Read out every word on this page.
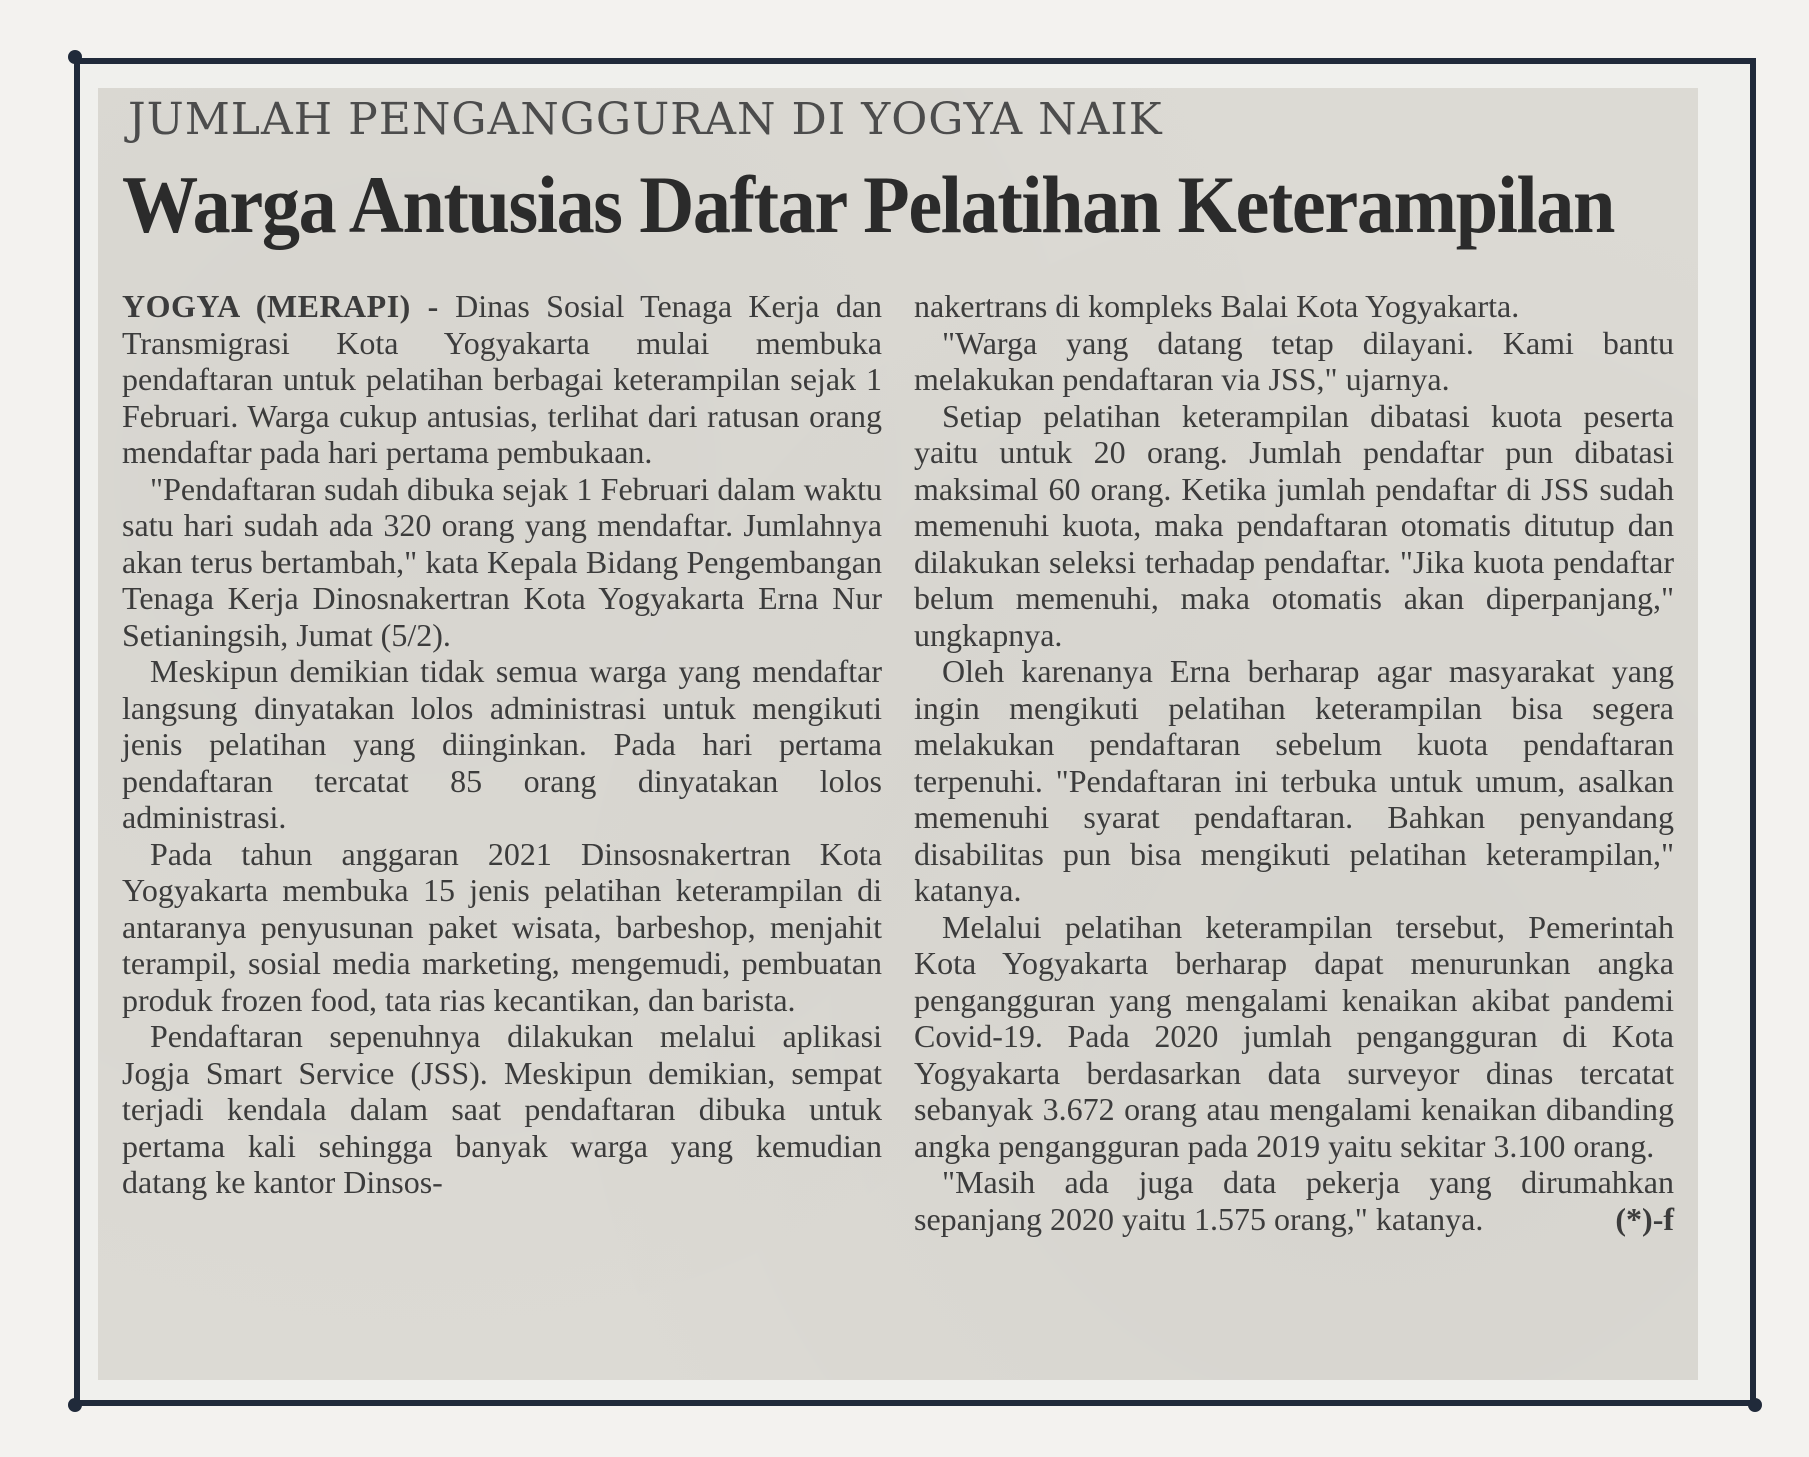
JUMLAH PENGANGGURAN DI YOGYA NAIK
Warga Antusias Daftar Pelatihan Keterampilan

YOGYA (MERAPI) - Dinas Sosial Tenaga Kerja dan Transmigrasi Kota Yogyakarta mulai membuka pendaftaran untuk pelatihan berbagai keterampilan sejak 1 Februari. Warga cukup antusias, terlihat dari ratusan orang mendaftar pada hari pertama pembukaan.

"Pendaftaran sudah dibuka sejak 1 Februari dalam waktu satu hari sudah ada 320 orang yang mendaftar. Jumlahnya akan terus bertambah," kata Kepala Bidang Pengembangan Tenaga Kerja Dinosnakertran Kota Yogyakarta Erna Nur Setianingsih, Jumat (5/2).

Meskipun demikian tidak semua warga yang mendaftar langsung dinyatakan lolos administrasi untuk mengikuti jenis pelatihan yang diinginkan. Pada hari pertama pendaftaran tercatat 85 orang dinyatakan lolos administrasi.

Pada tahun anggaran 2021 Dinsosnakertran Kota Yogyakarta membuka 15 jenis pelatihan keterampilan di antaranya penyusunan paket wisata, barbeshop, menjahit terampil, sosial media marketing, mengemudi, pembuatan produk frozen food, tata rias kecantikan, dan barista.

Pendaftaran sepenuhnya dilakukan melalui aplikasi Jogja Smart Service (JSS). Meskipun demikian, sempat terjadi kendala dalam saat pendaftaran dibuka untuk pertama kali sehingga banyak warga yang kemudian datang ke kantor Dinsos-

nakertrans di kompleks Balai Kota Yogyakarta.

"Warga yang datang tetap dilayani. Kami bantu melakukan pendaftaran via JSS," ujarnya.

Setiap pelatihan keterampilan dibatasi kuota peserta yaitu untuk 20 orang. Jumlah pendaftar pun dibatasi maksimal 60 orang. Ketika jumlah pendaftar di JSS sudah memenuhi kuota, maka pendaftaran otomatis ditutup dan dilakukan seleksi terhadap pendaftar. "Jika kuota pendaftar belum memenuhi, maka otomatis akan diperpanjang," ungkapnya.

Oleh karenanya Erna berharap agar masyarakat yang ingin mengikuti pelatihan keterampilan bisa segera melakukan pendaftaran sebelum kuota pendaftaran terpenuhi. "Pendaftaran ini terbuka untuk umum, asalkan memenuhi syarat pendaftaran. Bahkan penyandang disabilitas pun bisa mengikuti pelatihan keterampilan," katanya.

Melalui pelatihan keterampilan tersebut, Pemerintah Kota Yogyakarta berharap dapat menurunkan angka pengangguran yang mengalami kenaikan akibat pandemi Covid-19. Pada 2020 jumlah pengangguran di Kota Yogyakarta berdasarkan data surveyor dinas tercatat sebanyak 3.672 orang atau mengalami kenaikan dibanding angka pengangguran pada 2019 yaitu sekitar 3.100 orang.

"Masih ada juga data pekerja yang dirumahkan sepanjang 2020 yaitu 1.575 orang," katanya.	(*)-f
